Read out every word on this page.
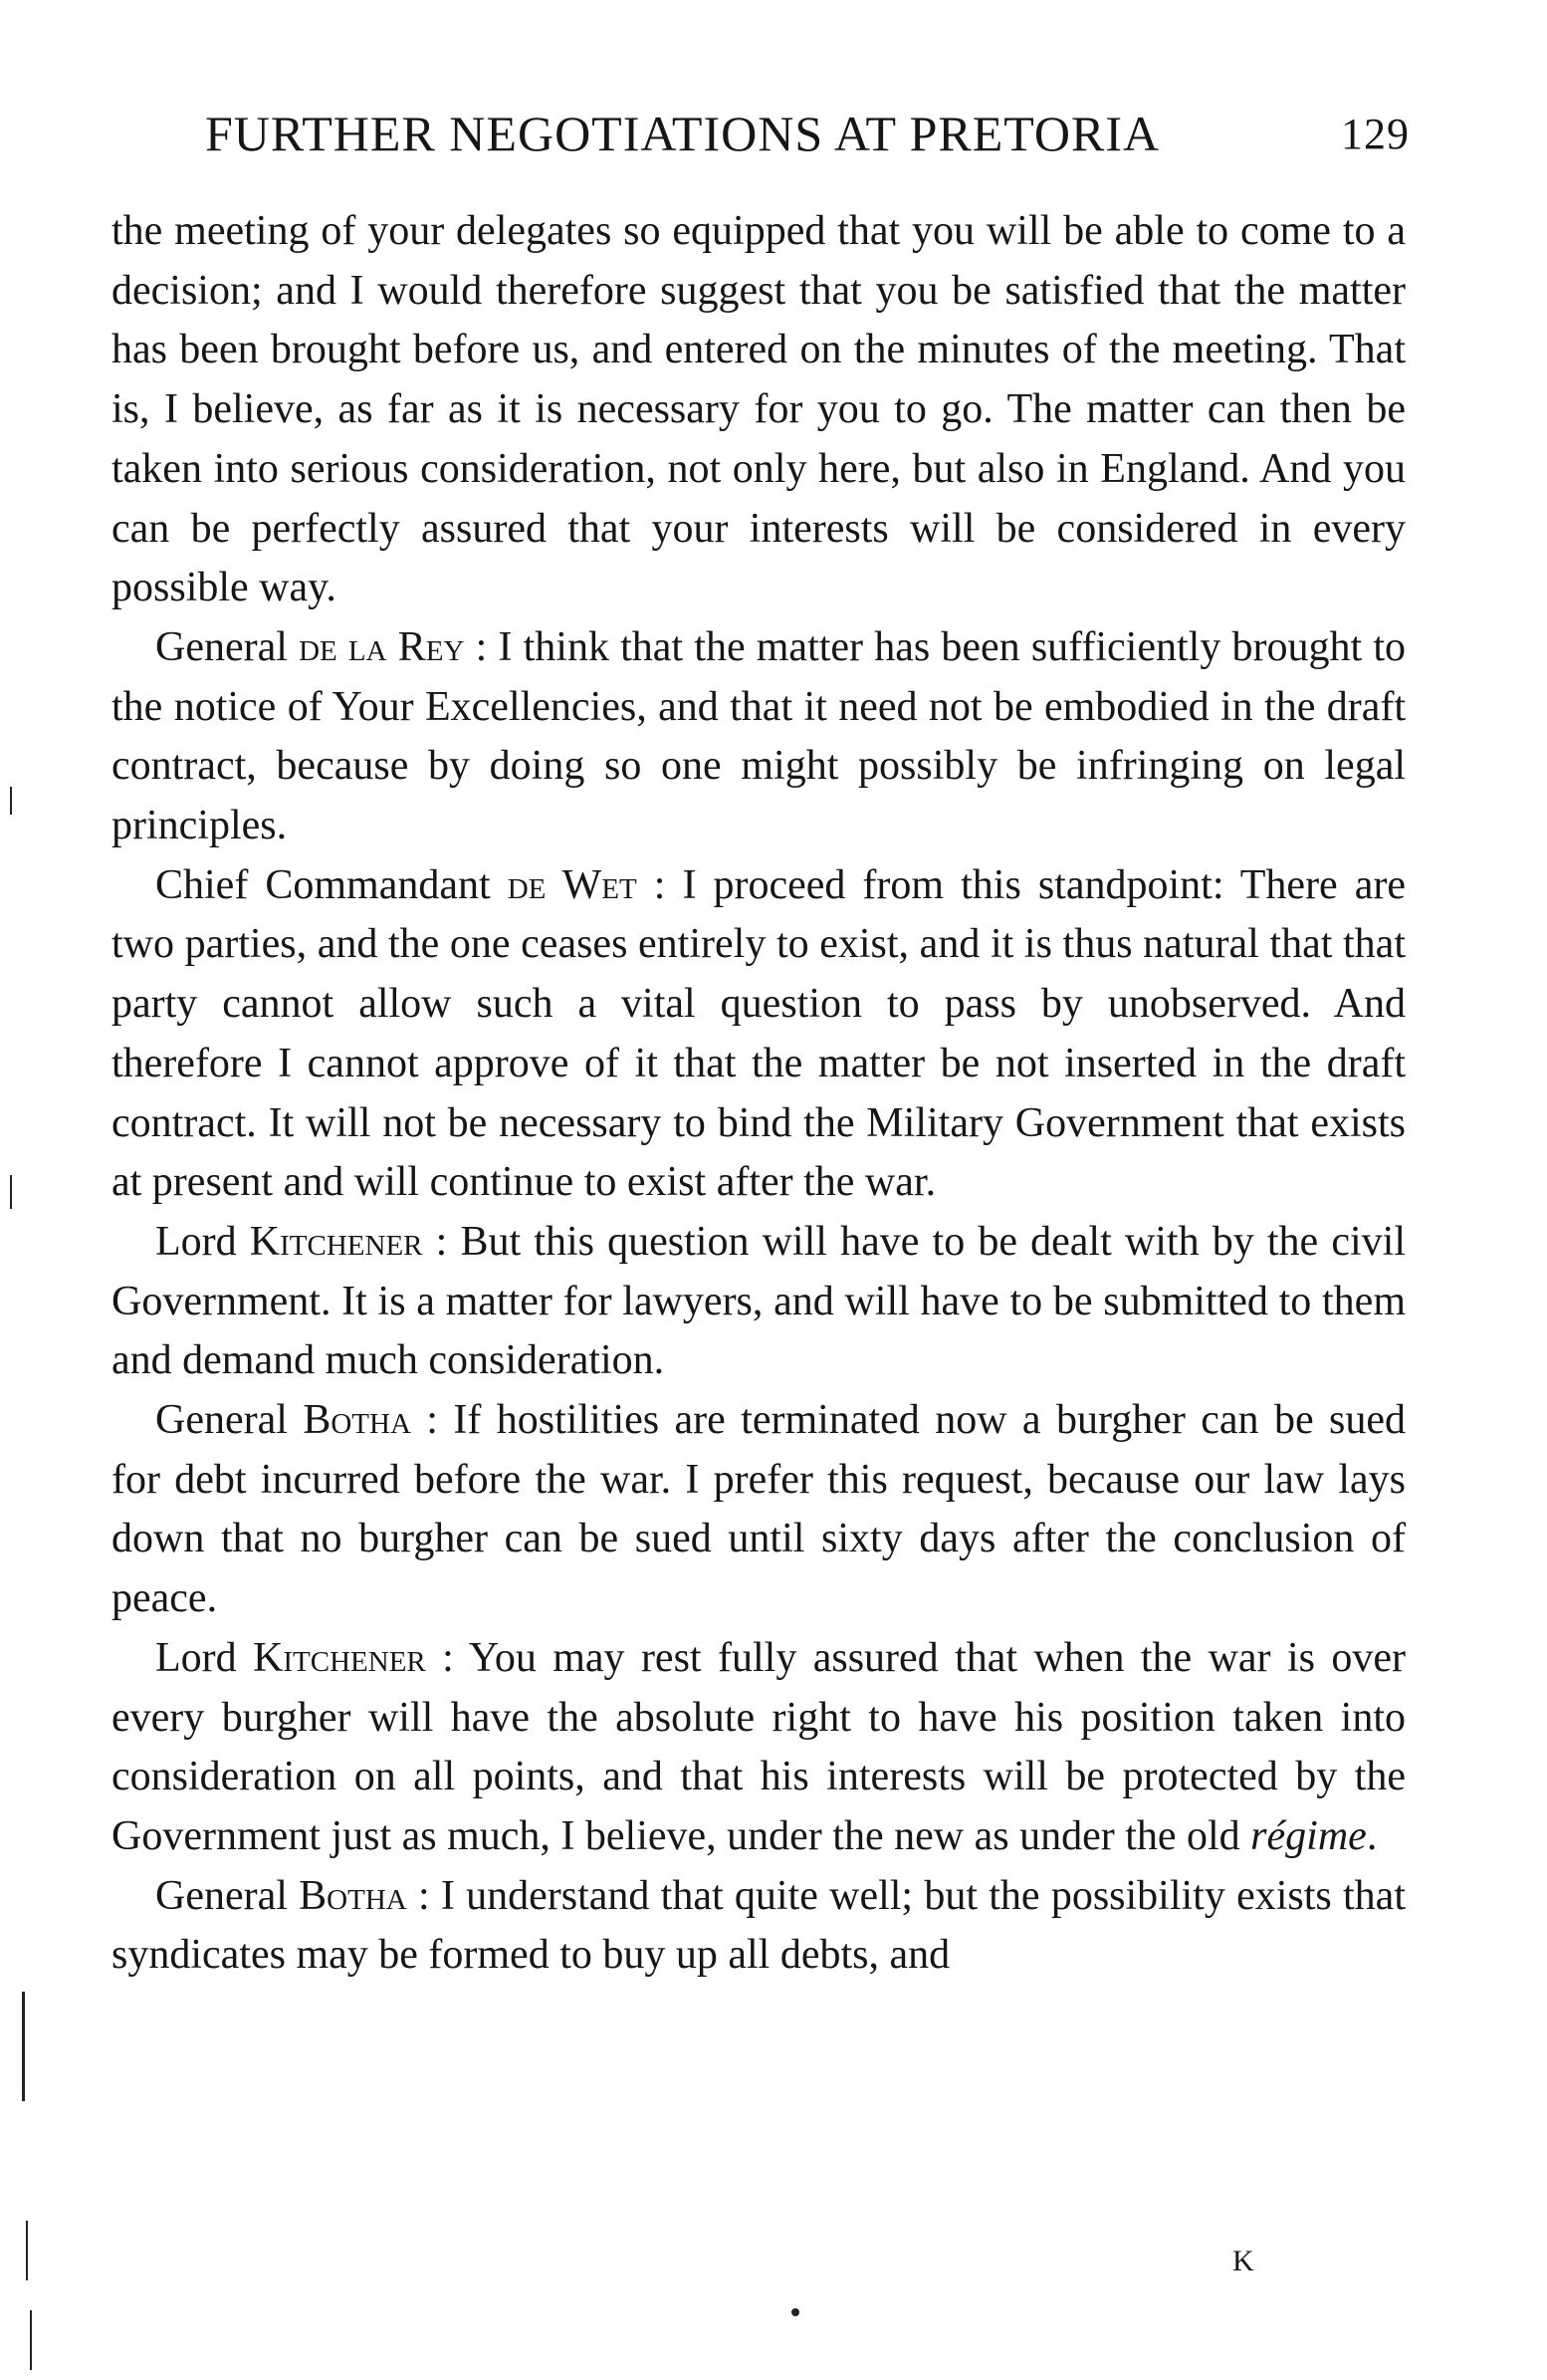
FURTHER NEGOTIATIONS AT PRETORIA	129

the meeting of your delegates so equipped that you will be able to come to a decision; and I would therefore suggest that you be satisfied that the matter has been brought before us, and entered on the minutes of the meeting. That is, I believe, as far as it is necessary for you to go. The matter can then be taken into serious consideration, not only here, but also in England. And you can be perfectly assured that your interests will be considered in every possible way.

General de la Rey : I think that the matter has been sufficiently brought to the notice of Your Excellencies, and that it need not be embodied in the draft contract, because by doing so one might possibly be infringing on legal principles.

Chief Commandant de Wet : I proceed from this standpoint: There are two parties, and the one ceases entirely to exist, and it is thus natural that that party cannot allow such a vital question to pass by unobserved. And therefore I cannot approve of it that the matter be not inserted in the draft contract. It will not be necessary to bind the Military Government that exists at present and will continue to exist after the war.

Lord Kitchener : But this question will have to be dealt with by the civil Government. It is a matter for lawyers, and will have to be submitted to them and demand much consideration.

General Botha : If hostilities are terminated now a burgher can be sued for debt incurred before the war. I prefer this request, because our law lays down that no burgher can be sued until sixty days after the conclusion of peace.

Lord Kitchener : You may rest fully assured that when the war is over every burgher will have the absolute right to have his position taken into consideration on all points, and that his interests will be protected by the Government just as much, I believe, under the new as under the old régime.

General Botha : I understand that quite well; but the possibility exists that syndicates may be formed to buy up all debts, and

K
